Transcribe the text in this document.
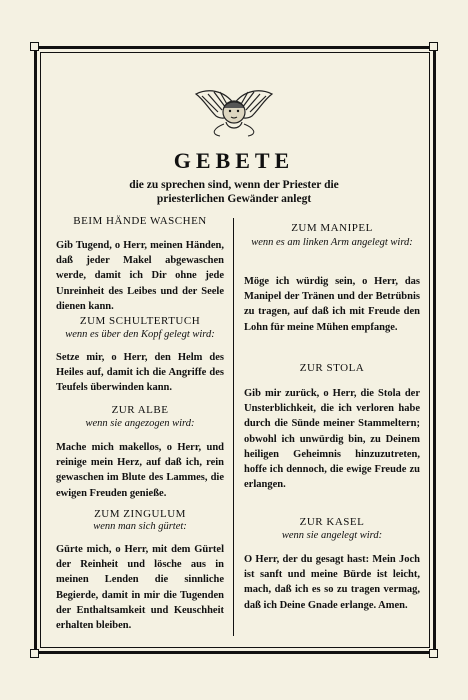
GEBETE
die zu sprechen sind, wenn der Priester die
priesterlichen Gewänder anlegt
BEIM HÄNDE WASCHEN
Gib Tugend, o Herr, meinen Händen, daß jeder Makel abgewaschen werde, damit ich Dir ohne jede Unreinheit des Leibes und der Seele dienen kann.
ZUM SCHULTERTUCH
wenn es über den Kopf gelegt wird:
Setze mir, o Herr, den Helm des Heiles auf, damit ich die Angriffe des Teufels überwinden kann.
ZUR ALBE
wenn sie angezogen wird:
Mache mich makellos, o Herr, und reinige mein Herz, auf daß ich, rein gewaschen im Blute des Lammes, die ewigen Freuden genieße.
ZUM ZINGULUM
wenn man sich gürtet:
Gürte mich, o Herr, mit dem Gürtel der Reinheit und lösche aus in meinen Lenden die sinnliche Begierde, damit in mir die Tugenden der Enthaltsamkeit und Keuschheit erhalten bleiben.
ZUM MANIPEL
wenn es am linken Arm angelegt wird:
Möge ich würdig sein, o Herr, das Manipel der Tränen und der Betrübnis zu tragen, auf daß ich mit Freude den Lohn für meine Mühen empfange.
ZUR STOLA
Gib mir zurück, o Herr, die Stola der Unsterblichkeit, die ich verloren habe durch die Sünde meiner Stammeltern; obwohl ich unwürdig bin, zu Deinem heiligen Geheimnis hinzuzutreten, hoffe ich dennoch, die ewige Freude zu erlangen.
ZUR KASEL
wenn sie angelegt wird:
O Herr, der du gesagt hast: Mein Joch ist sanft und meine Bürde ist leicht, mach, daß ich es so zu tragen vermag, daß ich Deine Gnade erlange. Amen.
